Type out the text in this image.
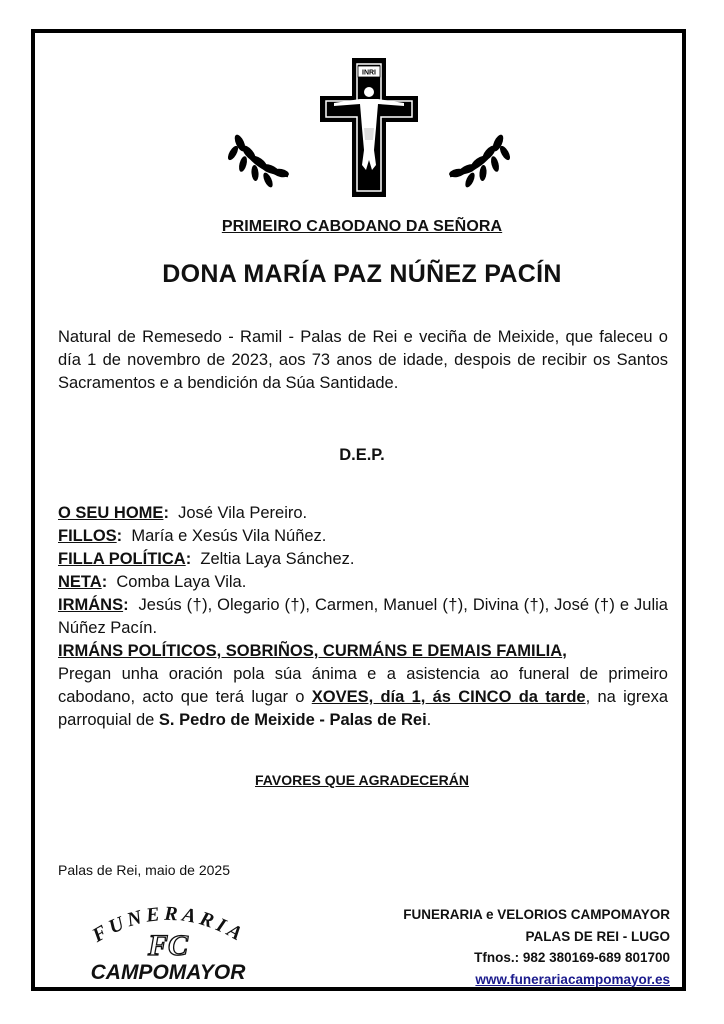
INRI
PRIMEIRO CABODANO DA SEÑORA
DONA MARÍA PAZ NÚÑEZ PACÍN
Natural de Remesedo - Ramil - Palas de Rei e veciña de Meixide, que faleceu o día 1 de novembro de 2023, aos 73 anos de idade, despois de recibir os Santos Sacramentos e a bendición da Súa Santidade.
D.E.P.
O SEU HOME: José Vila Pereiro.
FILLOS: María e Xesús Vila Núñez.
FILLA POLÍTICA: Zeltia Laya Sánchez.
NETA: Comba Laya Vila.
IRMÁNS: Jesús (†), Olegario (†), Carmen, Manuel (†), Divina (†), José (†) e Julia Núñez Pacín.
IRMÁNS POLÍTICOS, SOBRIÑOS, CURMÁNS E DEMAIS FAMILIA,
Pregan unha oración pola súa ánima e a asistencia ao funeral de primeiro cabodano, acto que terá lugar o XOVES, día 1, ás CINCO da tarde, na igrexa parroquial de S. Pedro de Meixide - Palas de Rei.
FAVORES QUE AGRADECERÁN
Palas de Rei, maio de 2025
FUNERARIA
FC
CAMPOMAYOR
FUNERARIA e VELORIOS CAMPOMAYOR
PALAS DE REI - LUGO
Tfnos.: 982 380169-689 801700
www.funerariacampomayor.es
